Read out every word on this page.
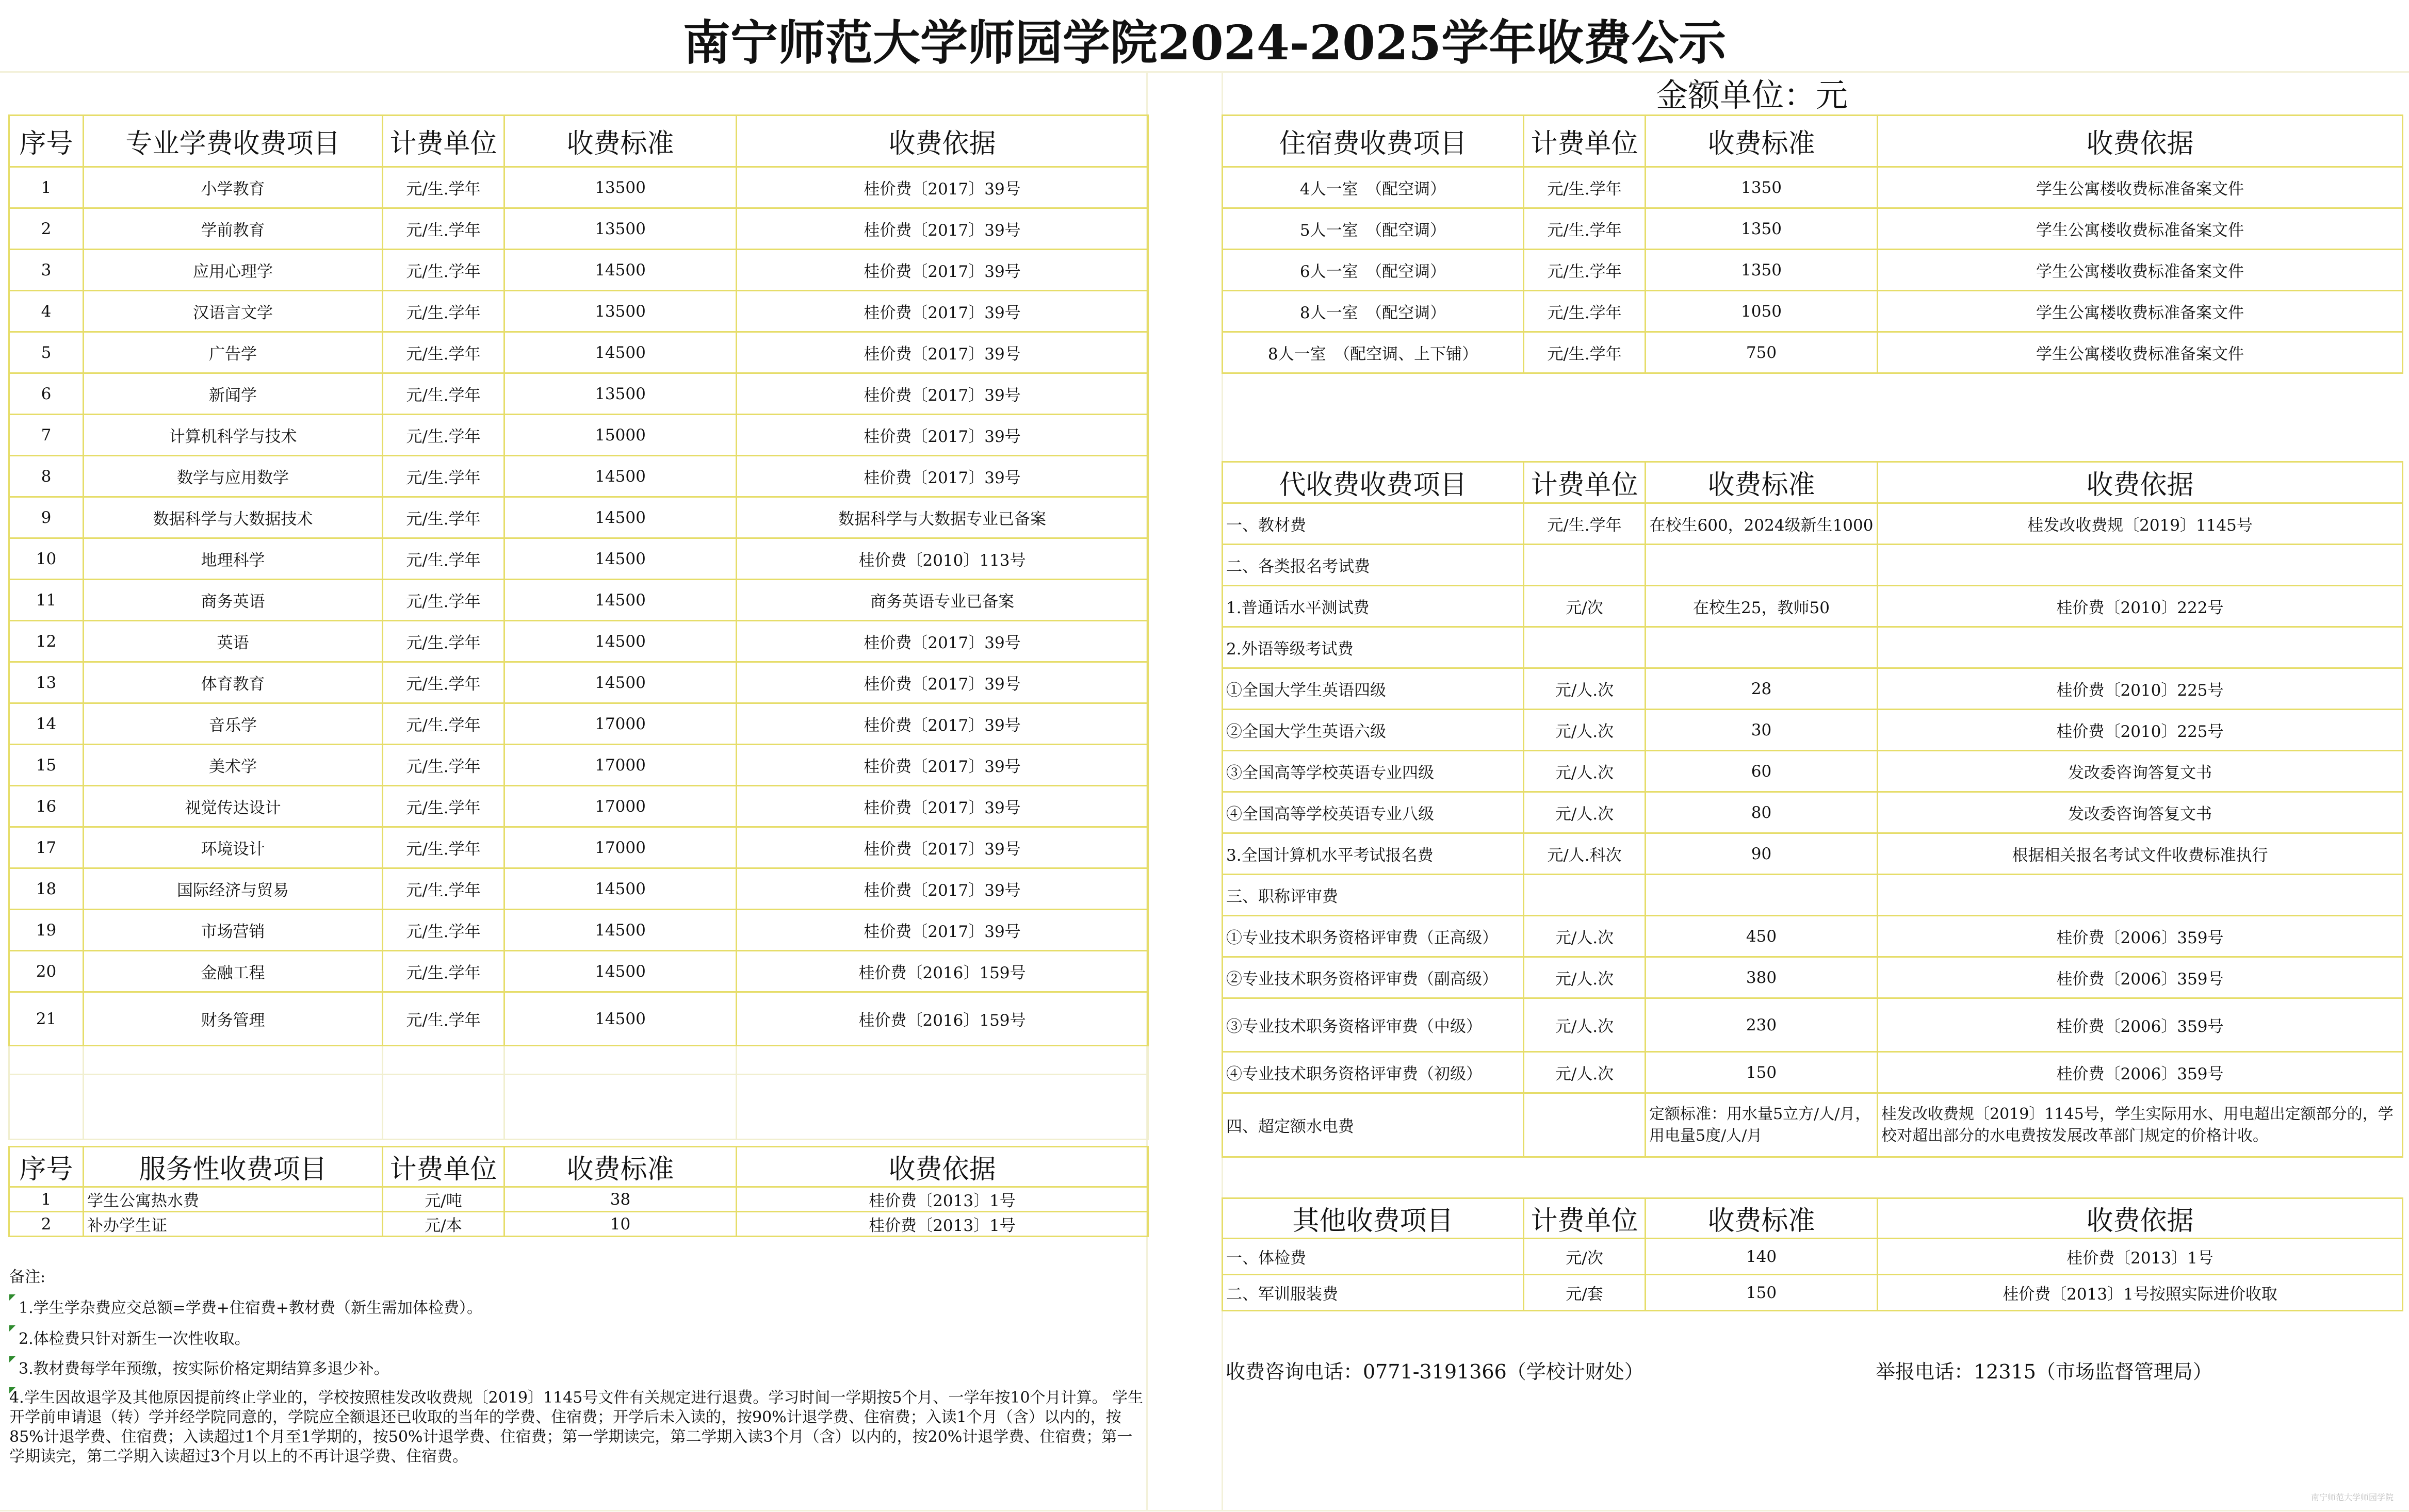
南宁师范大学师园学院2024-2025学年收费公示
金额单位：元
序号	专业学费收费项目	计费单位	收费标准	收费依据
1	小学教育	元/生.学年	13500	桂价费〔2017〕39号
2	学前教育	元/生.学年	13500	桂价费〔2017〕39号
3	应用心理学	元/生.学年	14500	桂价费〔2017〕39号
4	汉语言文学	元/生.学年	13500	桂价费〔2017〕39号
5	广告学	元/生.学年	14500	桂价费〔2017〕39号
6	新闻学	元/生.学年	13500	桂价费〔2017〕39号
7	计算机科学与技术	元/生.学年	15000	桂价费〔2017〕39号
8	数学与应用数学	元/生.学年	14500	桂价费〔2017〕39号
9	数据科学与大数据技术	元/生.学年	14500	数据科学与大数据专业已备案
10	地理科学	元/生.学年	14500	桂价费〔2010〕113号
11	商务英语	元/生.学年	14500	商务英语专业已备案
12	英语	元/生.学年	14500	桂价费〔2017〕39号
13	体育教育	元/生.学年	14500	桂价费〔2017〕39号
14	音乐学	元/生.学年	17000	桂价费〔2017〕39号
15	美术学	元/生.学年	17000	桂价费〔2017〕39号
16	视觉传达设计	元/生.学年	17000	桂价费〔2017〕39号
17	环境设计	元/生.学年	17000	桂价费〔2017〕39号
18	国际经济与贸易	元/生.学年	14500	桂价费〔2017〕39号
19	市场营销	元/生.学年	14500	桂价费〔2017〕39号
20	金融工程	元/生.学年	14500	桂价费〔2016〕159号
21	财务管理	元/生.学年	14500	桂价费〔2016〕159号

序号	服务性收费项目	计费单位	收费标准	收费依据
1	学生公寓热水费	元/吨	38	桂价费〔2013〕1号
2	补办学生证	元/本	10	桂价费〔2013〕1号
备注:
1.学生学杂费应交总额=学费+住宿费+教材费（新生需加体检费）。
2.体检费只针对新生一次性收取。
3.教材费每学年预缴，按实际价格定期结算多退少补。
4.学生因故退学及其他原因提前终止学业的，学校按照桂发改收费规〔2019〕1145号文件有关规定进行退费。学习时间一学期按5个月、一学年按10个月计算。 学生开学前申请退（转）学并经学院同意的，学院应全额退还已收取的当年的学费、住宿费；开学后未入读的，按90%计退学费、住宿费；入读1个月（含）以内的，按85%计退学费、住宿费；入读超过1个月至1学期的，按50%计退学费、住宿费；第一学期读完，第二学期入读3个月（含）以内的，按20%计退学费、住宿费；第一学期读完，第二学期入读超过3个月以上的不再计退学费、住宿费。
住宿费收费项目	计费单位	收费标准	收费依据
4人一室　（配空调）	元/生.学年	1350	学生公寓楼收费标准备案文件
5人一室　（配空调）	元/生.学年	1350	学生公寓楼收费标准备案文件
6人一室　（配空调）	元/生.学年	1350	学生公寓楼收费标准备案文件
8人一室　（配空调）	元/生.学年	1050	学生公寓楼收费标准备案文件
8人一室　（配空调、上下铺）	元/生.学年	750	学生公寓楼收费标准备案文件
代收费收费项目	计费单位	收费标准	收费依据
一、教材费	元/生.学年	在校生600，2024级新生1000	桂发改收费规〔2019〕1145号
二、各类报名考试费			
1.普通话水平测试费	元/次	在校生25，教师50	桂价费〔2010〕222号
2.外语等级考试费			
①全国大学生英语四级	元/人.次	28	桂价费〔2010〕225号
②全国大学生英语六级	元/人.次	30	桂价费〔2010〕225号
③全国高等学校英语专业四级	元/人.次	60	发改委咨询答复文书
④全国高等学校英语专业八级	元/人.次	80	发改委咨询答复文书
3.全国计算机水平考试报名费	元/人.科次	90	根据相关报名考试文件收费标准执行
三、职称评审费			
①专业技术职务资格评审费（正高级）	元/人.次	450	桂价费〔2006〕359号
②专业技术职务资格评审费（副高级）	元/人.次	380	桂价费〔2006〕359号
③专业技术职务资格评审费（中级）	元/人.次	230	桂价费〔2006〕359号
④专业技术职务资格评审费（初级）	元/人.次	150	桂价费〔2006〕359号
四、超定额水电费		定额标准：用水量5立方/人/月，用电量5度/人/月	桂发改收费规〔2019〕1145号，学生实际用水、用电超出定额部分的，学校对超出部分的水电费按发展改革部门规定的价格计收。
其他收费项目	计费单位	收费标准	收费依据
一、体检费	元/次	140	桂价费〔2013〕1号
二、军训服装费	元/套	150	桂价费〔2013〕1号按照实际进价收取
收费咨询电话：0771-3191366（学校计财处）	举报电话：12315（市场监督管理局）
南宁师范大学师园学院
